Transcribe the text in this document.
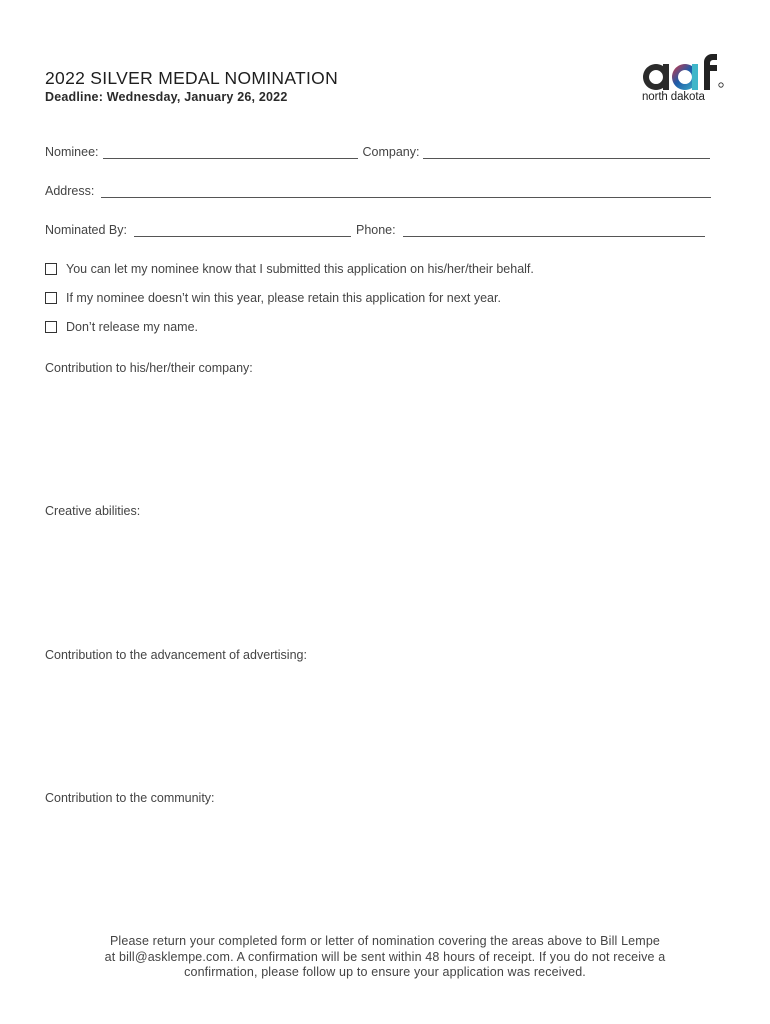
2022 SILVER MEDAL NOMINATION
Deadline: Wednesday, January 26, 2022	north dakota
Nominee:	Company:
Address:
Nominated By:	Phone:
You can let my nominee know that I submitted this application on his/her/their behalf.
If my nominee doesn’t win this year, please retain this application for next year.
Don’t release my name.
Contribution to his/her/their company:
Creative abilities:
Contribution to the advancement of advertising:
Contribution to the community:
Please return your completed form or letter of nomination covering the areas above to Bill Lempe
at bill@asklempe.com. A confirmation will be sent within 48 hours of receipt. If you do not receive a
confirmation, please follow up to ensure your application was received.
